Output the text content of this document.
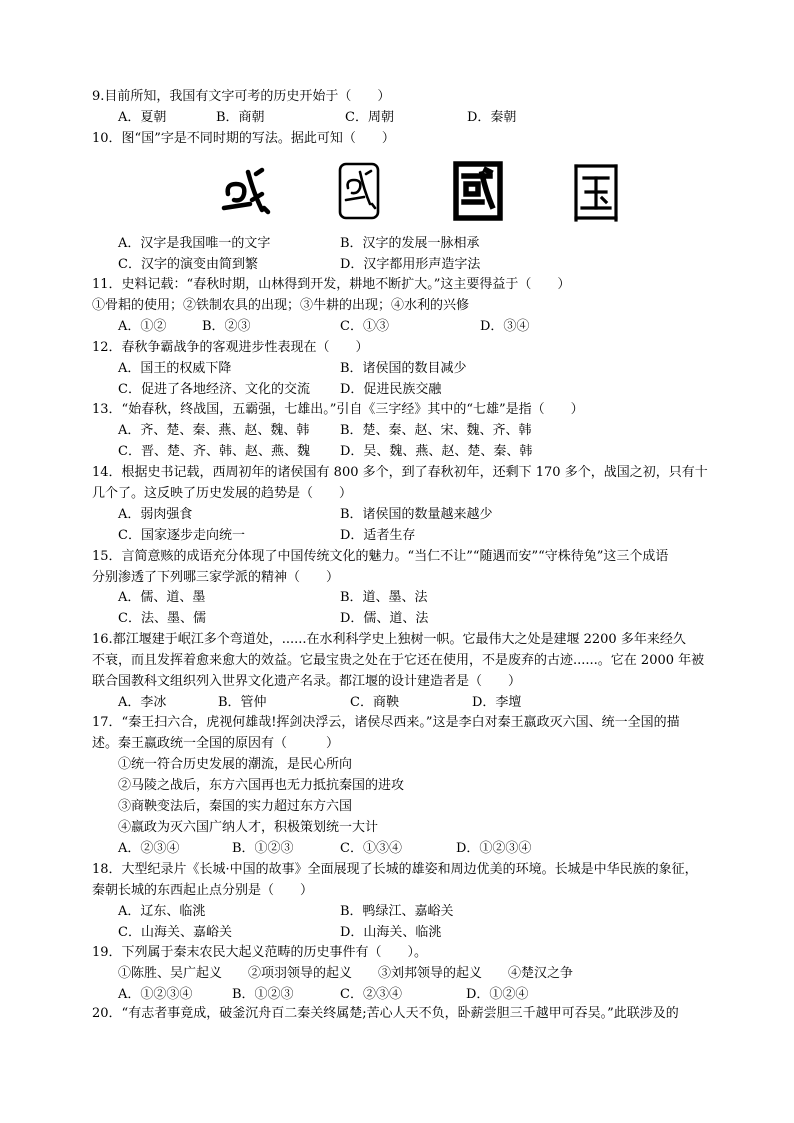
9.目前所知，我国有文字可考的历史开始于（　　）
A．夏朝	B．商朝	C．周朝	D．秦朝
10．图“国”字是不同时期的写法。据此可知（　　）
A．汉字是我国唯一的文字	B．汉字的发展一脉相承
C．汉字的演变由简到繁	D．汉字都用形声造字法
11．史料记载：“春秋时期，山林得到开发，耕地不断扩大。”这主要得益于（　　）
①骨耜的使用；②铁制农具的出现；③牛耕的出现；④水利的兴修
A．①②	B．②③	C．①③	D．③④
12．春秋争霸战争的客观进步性表现在（　　）
A．国王的权威下降	B．诸侯国的数目减少
C．促进了各地经济、文化的交流 D．促进民族交融
13．“始春秋，终战国，五霸强，七雄出。”引自《三字经》其中的“七雄”是指（　　）
A．齐、楚、秦、燕、赵、魏、韩 B．楚、秦、赵、宋、魏、齐、韩
C．晋、楚、齐、韩、赵、燕、魏 D．吴、魏、燕、赵、楚、秦、韩
14．根据史书记载，西周初年的诸侯国有 800 多个，到了春秋初年，还剩下 170 多个，战国之初，只有十
几个了。这反映了历史发展的趋势是（　　）
A．弱肉强食	B．诸侯国的数量越来越少
C．国家逐步走向统一	D．适者生存
15．言简意赅的成语充分体现了中国传统文化的魅力。“当仁不让”“随遇而安”“守株待兔”这三个成语
分别渗透了下列哪三家学派的精神（　　）
A．儒、道、墨	B．道、墨、法
C．法、墨、儒	D．儒、道、法
16.都江堰建于岷江多个弯道处，......在水利科学史上独树一帜。它最伟大之处是建堰 2200 多年来经久
不衰，而且发挥着愈来愈大的效益。它最宝贵之处在于它还在使用，不是废弃的古迹......。它在 2000 年被
联合国教科文组织列入世界文化遗产名录。都江堰的设计建造者是（　　）
A．李冰	B．管仲	C．商鞅	D．李壇
17．“秦王扫六合，虎视何雄哉!挥剑决浮云，诸侯尽西来。”这是李白对秦王嬴政灭六国、统一全国的描
述。秦王嬴政统一全国的原因有（　　　）
①统一符合历史发展的潮流，是民心所向
②马陵之战后，东方六国再也无力抵抗秦国的进攻
③商鞅变法后，秦国的实力超过东方六国
④嬴政为灭六国广纳人才，积极策划统一大计
A．②③④	B．①②③	C．①③④	D．①②③④
18．大型纪录片《长城·中国的故事》全面展现了长城的雄姿和周边优美的环境。长城是中华民族的象征，
秦朝长城的东西起止点分别是（　　）
A．辽东、临洮	B．鸭绿江、嘉峪关
C．山海关、嘉峪关	D．山海关、临洮
19．下列属于秦末农民大起义范畴的历史事件有（　　）。
①陈胜、吴广起义　　②项羽领导的起义　　③刘邦领导的起义　　④楚汉之争
A．①②③④	B．①②③	C．②③④	D．①②④
20．“有志者事竟成，破釜沉舟百二秦关终属楚;苦心人天不负，卧薪尝胆三千越甲可吞吴。”此联涉及的
